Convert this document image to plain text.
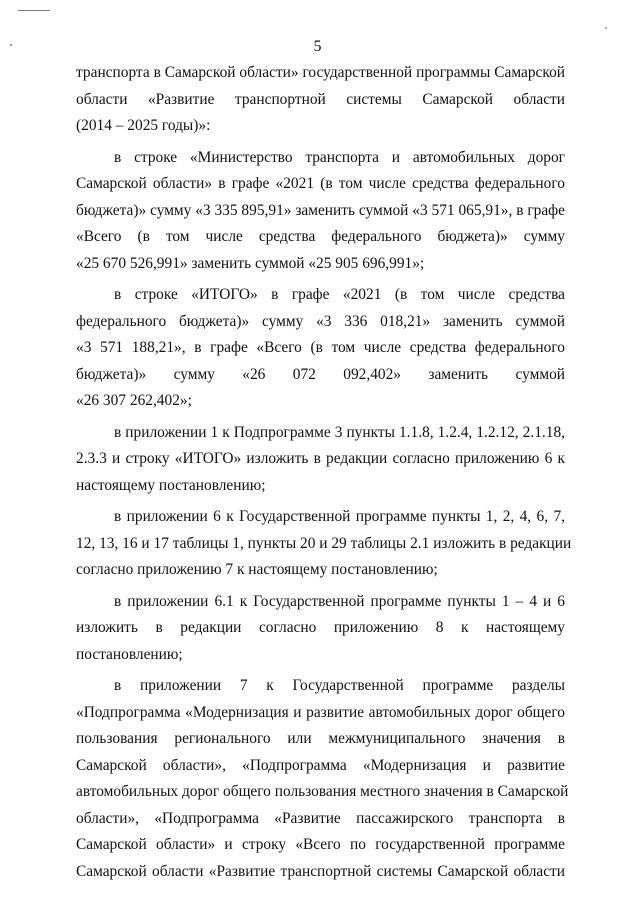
5
транспорта в Самарской области» государственной программы Самарской
области «Развитие транспортной системы Самарской области
(2014 – 2025 годы)»:
в строке «Министерство транспорта и автомобильных дорог
Самарской области» в графе «2021 (в том числе средства федерального
бюджета)» сумму «3 335 895,91» заменить суммой «3 571 065,91», в графе
«Всего (в том числе средства федерального бюджета)» сумму
«25 670 526,991» заменить суммой «25 905 696,991»;
в строке «ИТОГО» в графе «2021 (в том числе средства
федерального бюджета)» сумму «3 336 018,21» заменить суммой
«3 571 188,21», в графе «Всего (в том числе средства федерального
бюджета)» сумму «26 072 092,402» заменить суммой
«26 307 262,402»;
в приложении 1 к Подпрограмме 3 пункты 1.1.8, 1.2.4, 1.2.12, 2.1.18,
2.3.3 и строку «ИТОГО» изложить в редакции согласно приложению 6 к
настоящему постановлению;
в приложении 6 к Государственной программе пункты 1, 2, 4, 6, 7,
12, 13, 16 и 17 таблицы 1, пункты 20 и 29 таблицы 2.1 изложить в редакции
согласно приложению 7 к настоящему постановлению;
в приложении 6.1 к Государственной программе пункты 1 – 4 и 6
изложить в редакции согласно приложению 8 к настоящему
постановлению;
в приложении 7 к Государственной программе разделы
«Подпрограмма «Модернизация и развитие автомобильных дорог общего
пользования регионального или межмуниципального значения в
Самарской области», «Подпрограмма «Модернизация и развитие
автомобильных дорог общего пользования местного значения в Самарской
области», «Подпрограмма «Развитие пассажирского транспорта в
Самарской области» и строку «Всего по государственной программе
Самарской области «Развитие транспортной системы Самарской области
